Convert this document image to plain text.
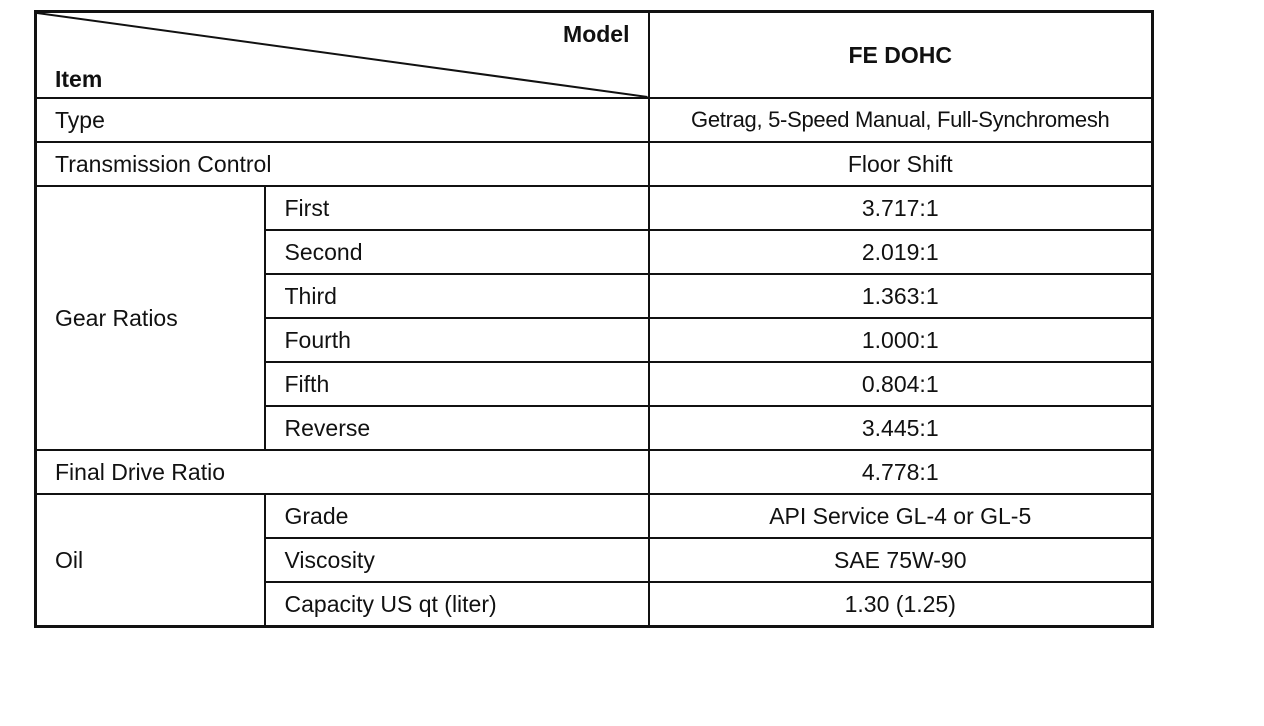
Model
Item		FE DOHC
Type		Getrag, 5-Speed Manual, Full-Synchromesh
Transmission Control		Floor Shift
Gear Ratios	First	3.717:1
	Second	2.019:1
	Third	1.363:1
	Fourth	1.000:1
	Fifth	0.804:1
	Reverse	3.445:1
Final Drive Ratio		4.778:1
Oil	Grade	API Service GL-4 or GL-5
	Viscosity	SAE 75W-90
	Capacity US qt (liter)	1.30 (1.25)
